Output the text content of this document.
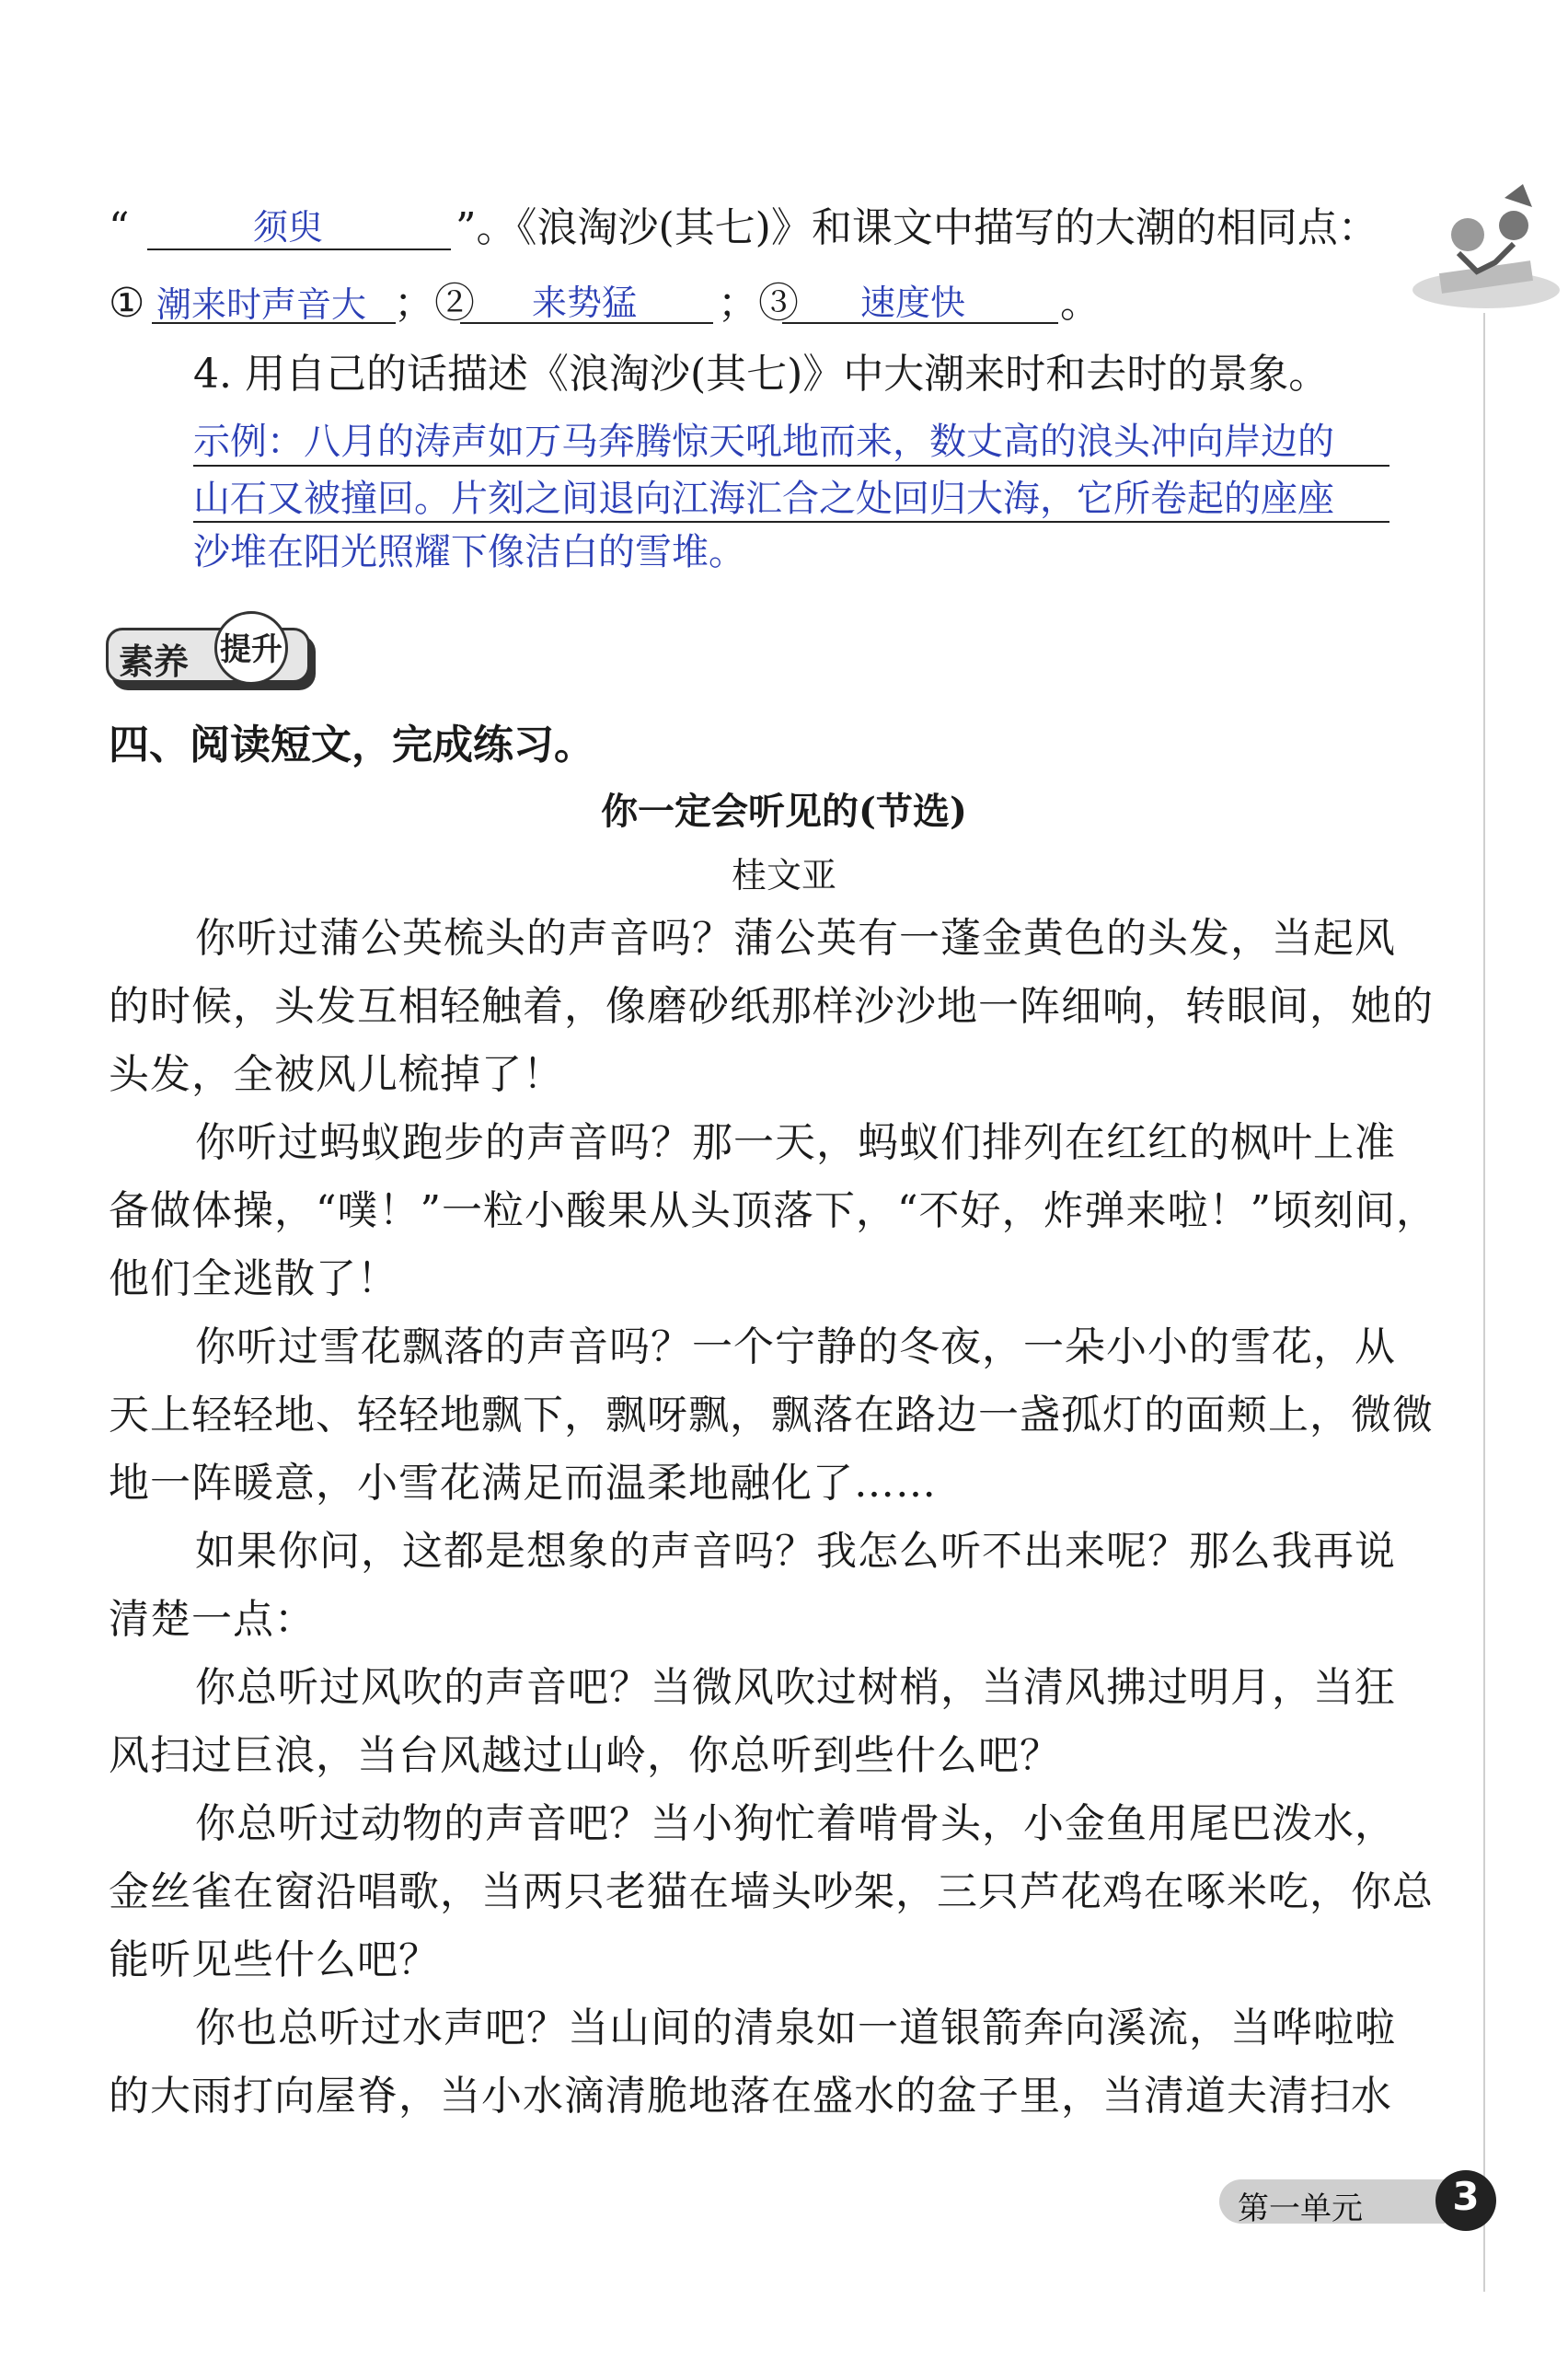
“	须臾	”。《浪淘沙(其七)》和课文中描写的大潮的相同点：
① 潮来时声音大 ；② 来势猛 ；③ 速度快 。
4. 用自己的话描述《浪淘沙(其七)》中大潮来时和去时的景象。
示例：八月的涛声如万马奔腾惊天吼地而来，数丈高的浪头冲向岸边的
山石又被撞回。片刻之间退向江海汇合之处回归大海，它所卷起的座座
沙堆在阳光照耀下像洁白的雪堆。
素养 提升
四、阅读短文，完成练习。
你一定会听见的(节选)
桂文亚
你听过蒲公英梳头的声音吗？蒲公英有一蓬金黄色的头发，当起风
的时候，头发互相轻触着，像磨砂纸那样沙沙地一阵细响，转眼间，她的
头发，全被风儿梳掉了！
你听过蚂蚁跑步的声音吗？那一天，蚂蚁们排列在红红的枫叶上准
备做体操，“噗！”一粒小酸果从头顶落下，“不好，炸弹来啦！”顷刻间，
他们全逃散了！
你听过雪花飘落的声音吗？一个宁静的冬夜，一朵小小的雪花，从
天上轻轻地、轻轻地飘下，飘呀飘，飘落在路边一盏孤灯的面颊上，微微
地一阵暖意，小雪花满足而温柔地融化了……
如果你问，这都是想象的声音吗？我怎么听不出来呢？那么我再说
清楚一点：
你总听过风吹的声音吧？当微风吹过树梢，当清风拂过明月，当狂
风扫过巨浪，当台风越过山岭，你总听到些什么吧？
你总听过动物的声音吧？当小狗忙着啃骨头，小金鱼用尾巴泼水，
金丝雀在窗沿唱歌，当两只老猫在墙头吵架，三只芦花鸡在啄米吃，你总
能听见些什么吧？
你也总听过水声吧？当山间的清泉如一道银箭奔向溪流，当哗啦啦
的大雨打向屋脊，当小水滴清脆地落在盛水的盆子里，当清道夫清扫水
第一单元	3
